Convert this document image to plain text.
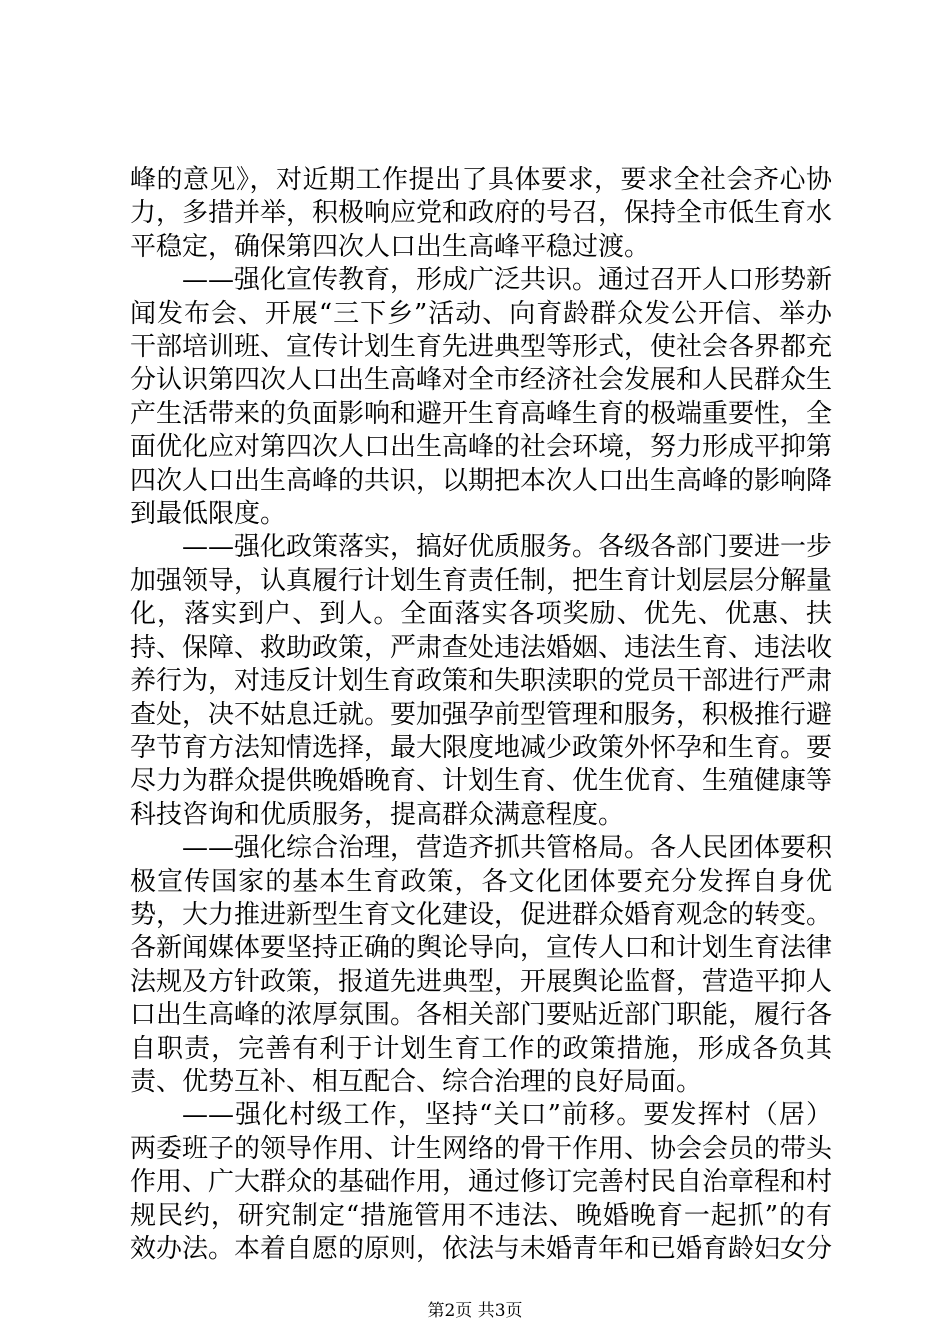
峰的意见》，对近期工作提出了具体要求，要求全社会齐心协力，多措并举，积极响应党和政府的号召，保持全市低生育水平稳定，确保第四次人口出生高峰平稳过渡。

——强化宣传教育，形成广泛共识。通过召开人口形势新闻发布会、开展“三下乡”活动、向育龄群众发公开信、举办干部培训班、宣传计划生育先进典型等形式，使社会各界都充分认识第四次人口出生高峰对全市经济社会发展和人民群众生产生活带来的负面影响和避开生育高峰生育的极端重要性，全面优化应对第四次人口出生高峰的社会环境，努力形成平抑第四次人口出生高峰的共识，以期把本次人口出生高峰的影响降到最低限度。

——强化政策落实，搞好优质服务。各级各部门要进一步加强领导，认真履行计划生育责任制，把生育计划层层分解量化，落实到户、到人。全面落实各项奖励、优先、优惠、扶持、保障、救助政策，严肃查处违法婚姻、违法生育、违法收养行为，对违反计划生育政策和失职渎职的党员干部进行严肃查处，决不姑息迁就。要加强孕前型管理和服务，积极推行避孕节育方法知情选择，最大限度地减少政策外怀孕和生育。要尽力为群众提供晚婚晚育、计划生育、优生优育、生殖健康等科技咨询和优质服务，提高群众满意程度。

——强化综合治理，营造齐抓共管格局。各人民团体要积极宣传国家的基本生育政策，各文化团体要充分发挥自身优势，大力推进新型生育文化建设，促进群众婚育观念的转变。各新闻媒体要坚持正确的舆论导向，宣传人口和计划生育法律法规及方针政策，报道先进典型，开展舆论监督，营造平抑人口出生高峰的浓厚氛围。各相关部门要贴近部门职能，履行各自职责，完善有利于计划生育工作的政策措施，形成各负其责、优势互补、相互配合、综合治理的良好局面。

——强化村级工作，坚持“关口”前移。要发挥村（居）两委班子的领导作用、计生网络的骨干作用、协会会员的带头作用、广大群众的基础作用，通过修订完善村民自治章程和村规民约，研究制定“措施管用不违法、晚婚晚育一起抓”的有效办法。本着自愿的原则，依法与未婚青年和已婚育龄妇女分

第2页 共3页
